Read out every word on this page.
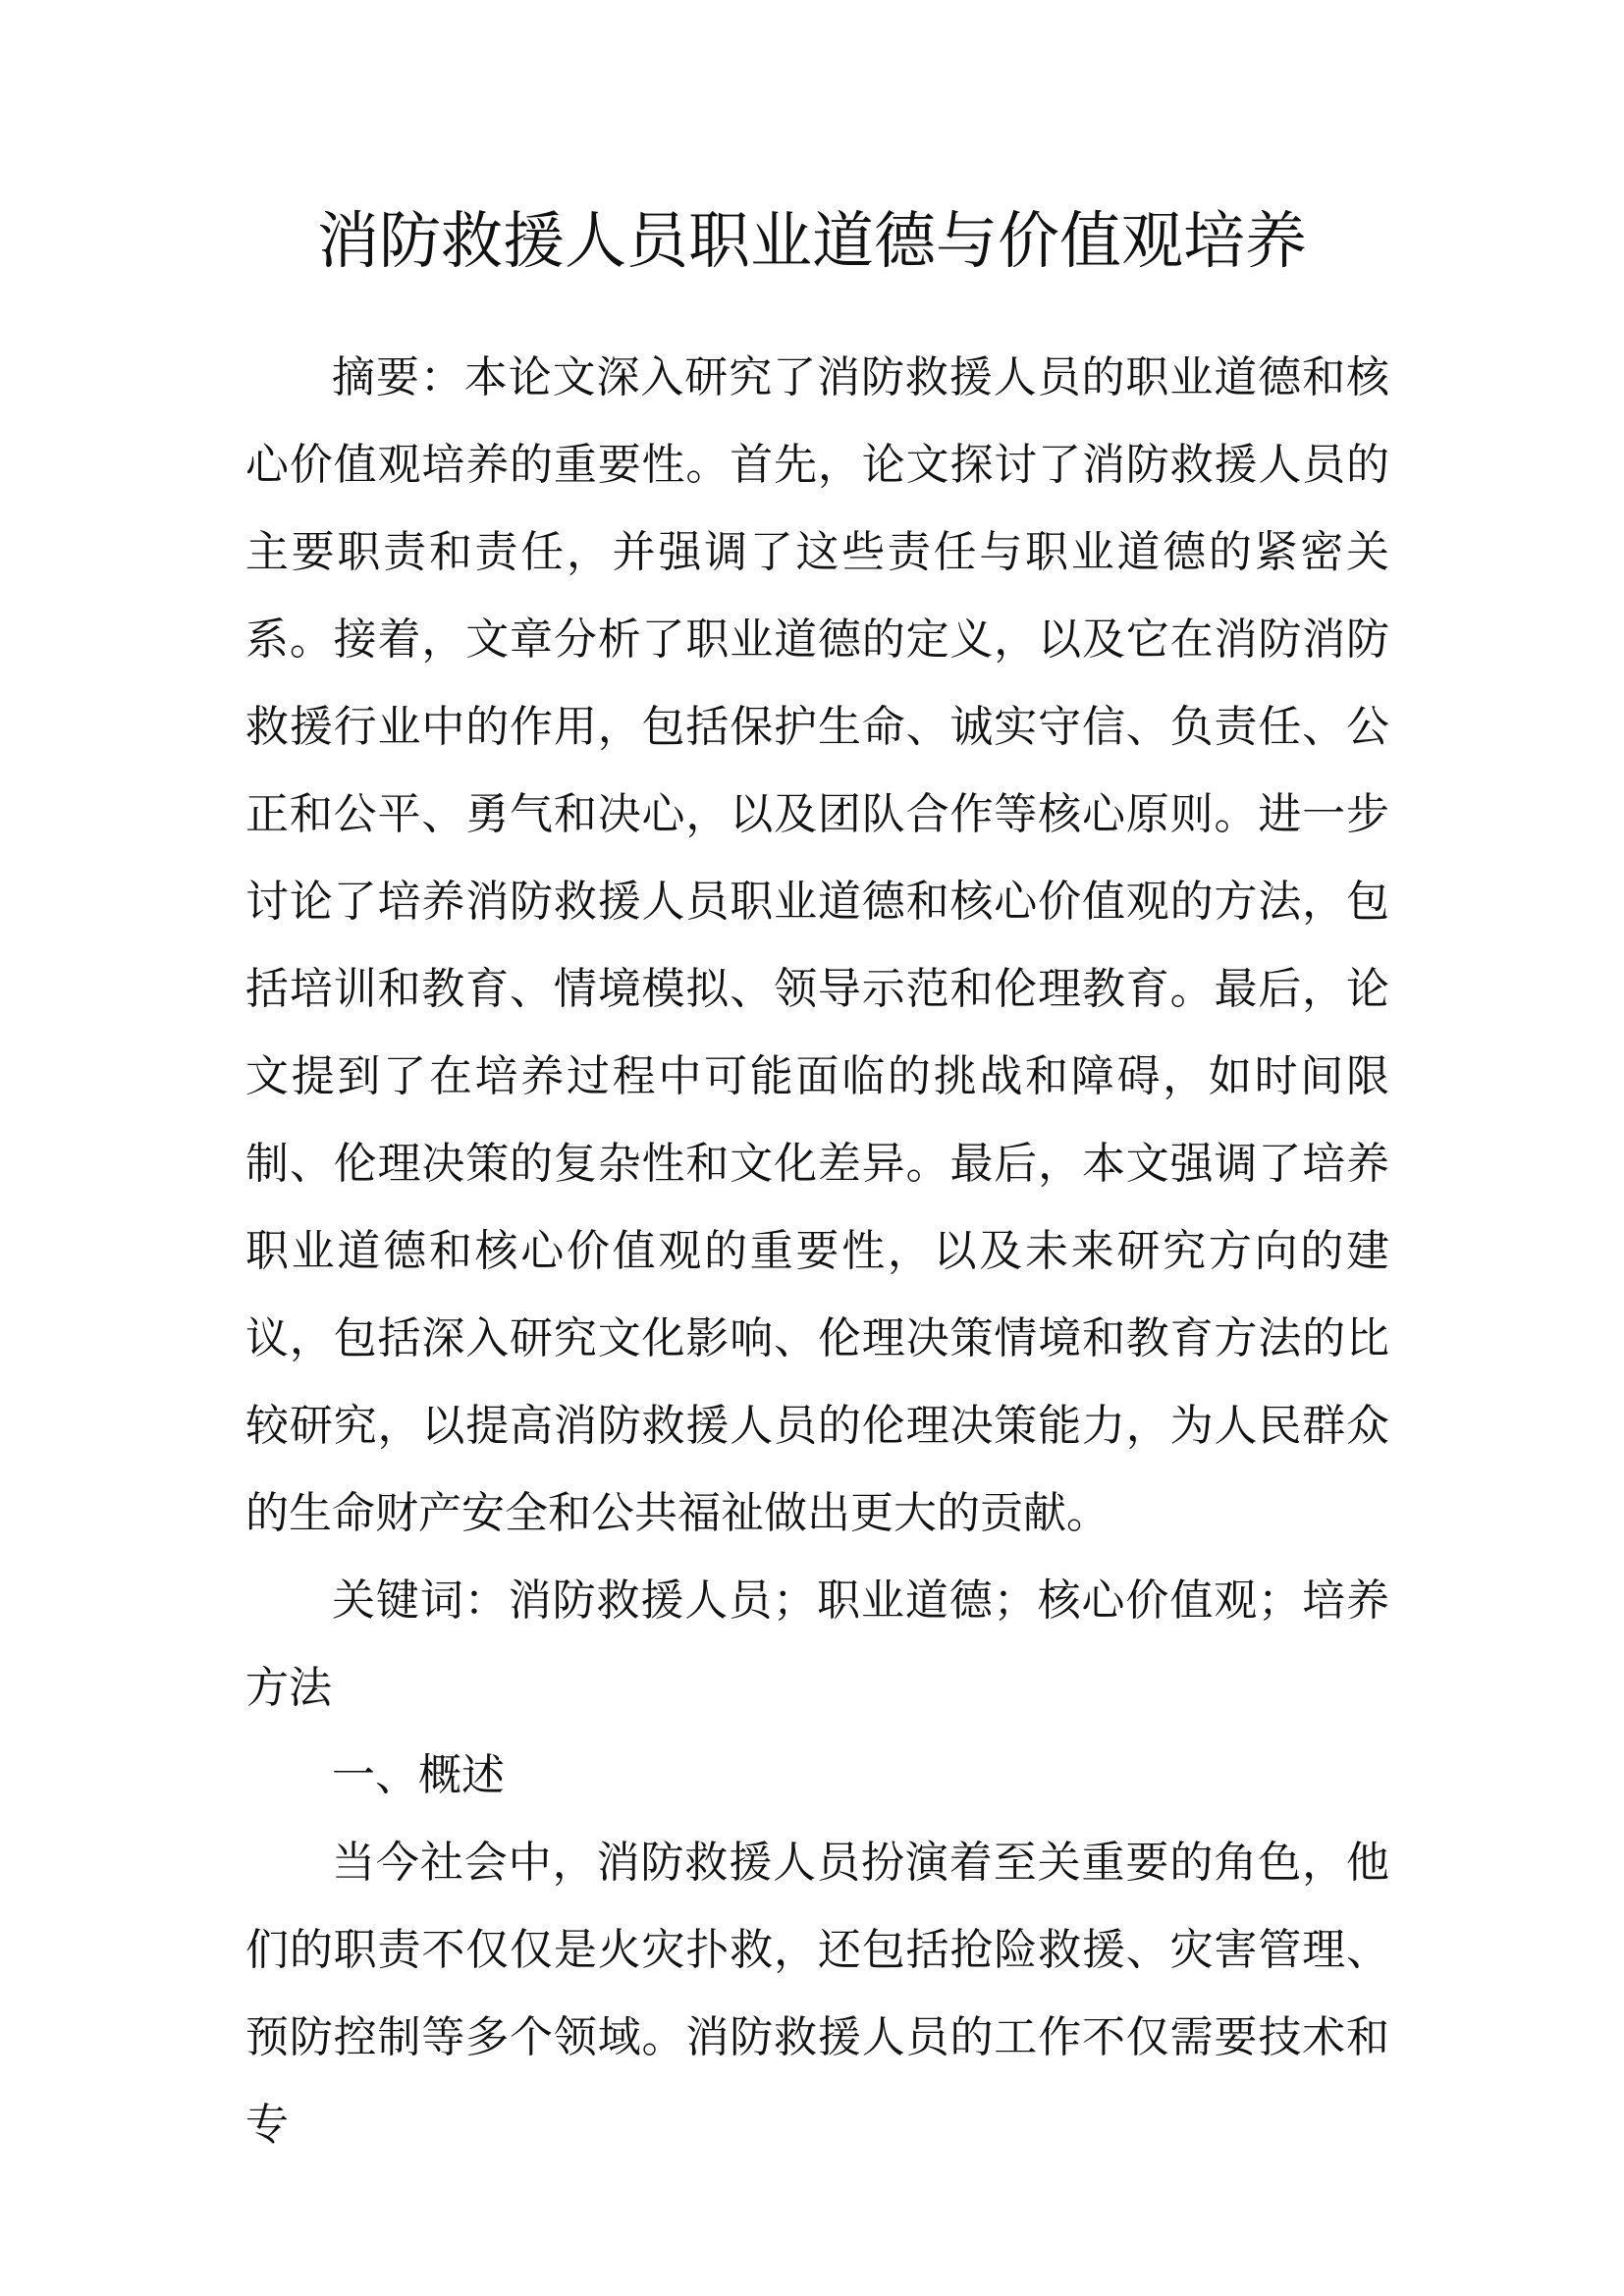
消防救援人员职业道德与价值观培养

摘要：本论文深入研究了消防救援人员的职业道德和核心价值观培养的重要性。首先，论文探讨了消防救援人员的主要职责和责任，并强调了这些责任与职业道德的紧密关系。接着，文章分析了职业道德的定义，以及它在消防消防救援行业中的作用，包括保护生命、诚实守信、负责任、公正和公平、勇气和决心，以及团队合作等核心原则。进一步讨论了培养消防救援人员职业道德和核心价值观的方法，包括培训和教育、情境模拟、领导示范和伦理教育。最后，论文提到了在培养过程中可能面临的挑战和障碍，如时间限制、伦理决策的复杂性和文化差异。最后，本文强调了培养职业道德和核心价值观的重要性，以及未来研究方向的建议，包括深入研究文化影响、伦理决策情境和教育方法的比较研究，以提高消防救援人员的伦理决策能力，为人民群众的生命财产安全和公共福祉做出更大的贡献。

关键词：消防救援人员；职业道德；核心价值观；培养方法

一、概述

当今社会中，消防救援人员扮演着至关重要的角色，他们的职责不仅仅是火灾扑救，还包括抢险救援、灾害管理、预防控制等多个领域。消防救援人员的工作不仅需要技术和专
